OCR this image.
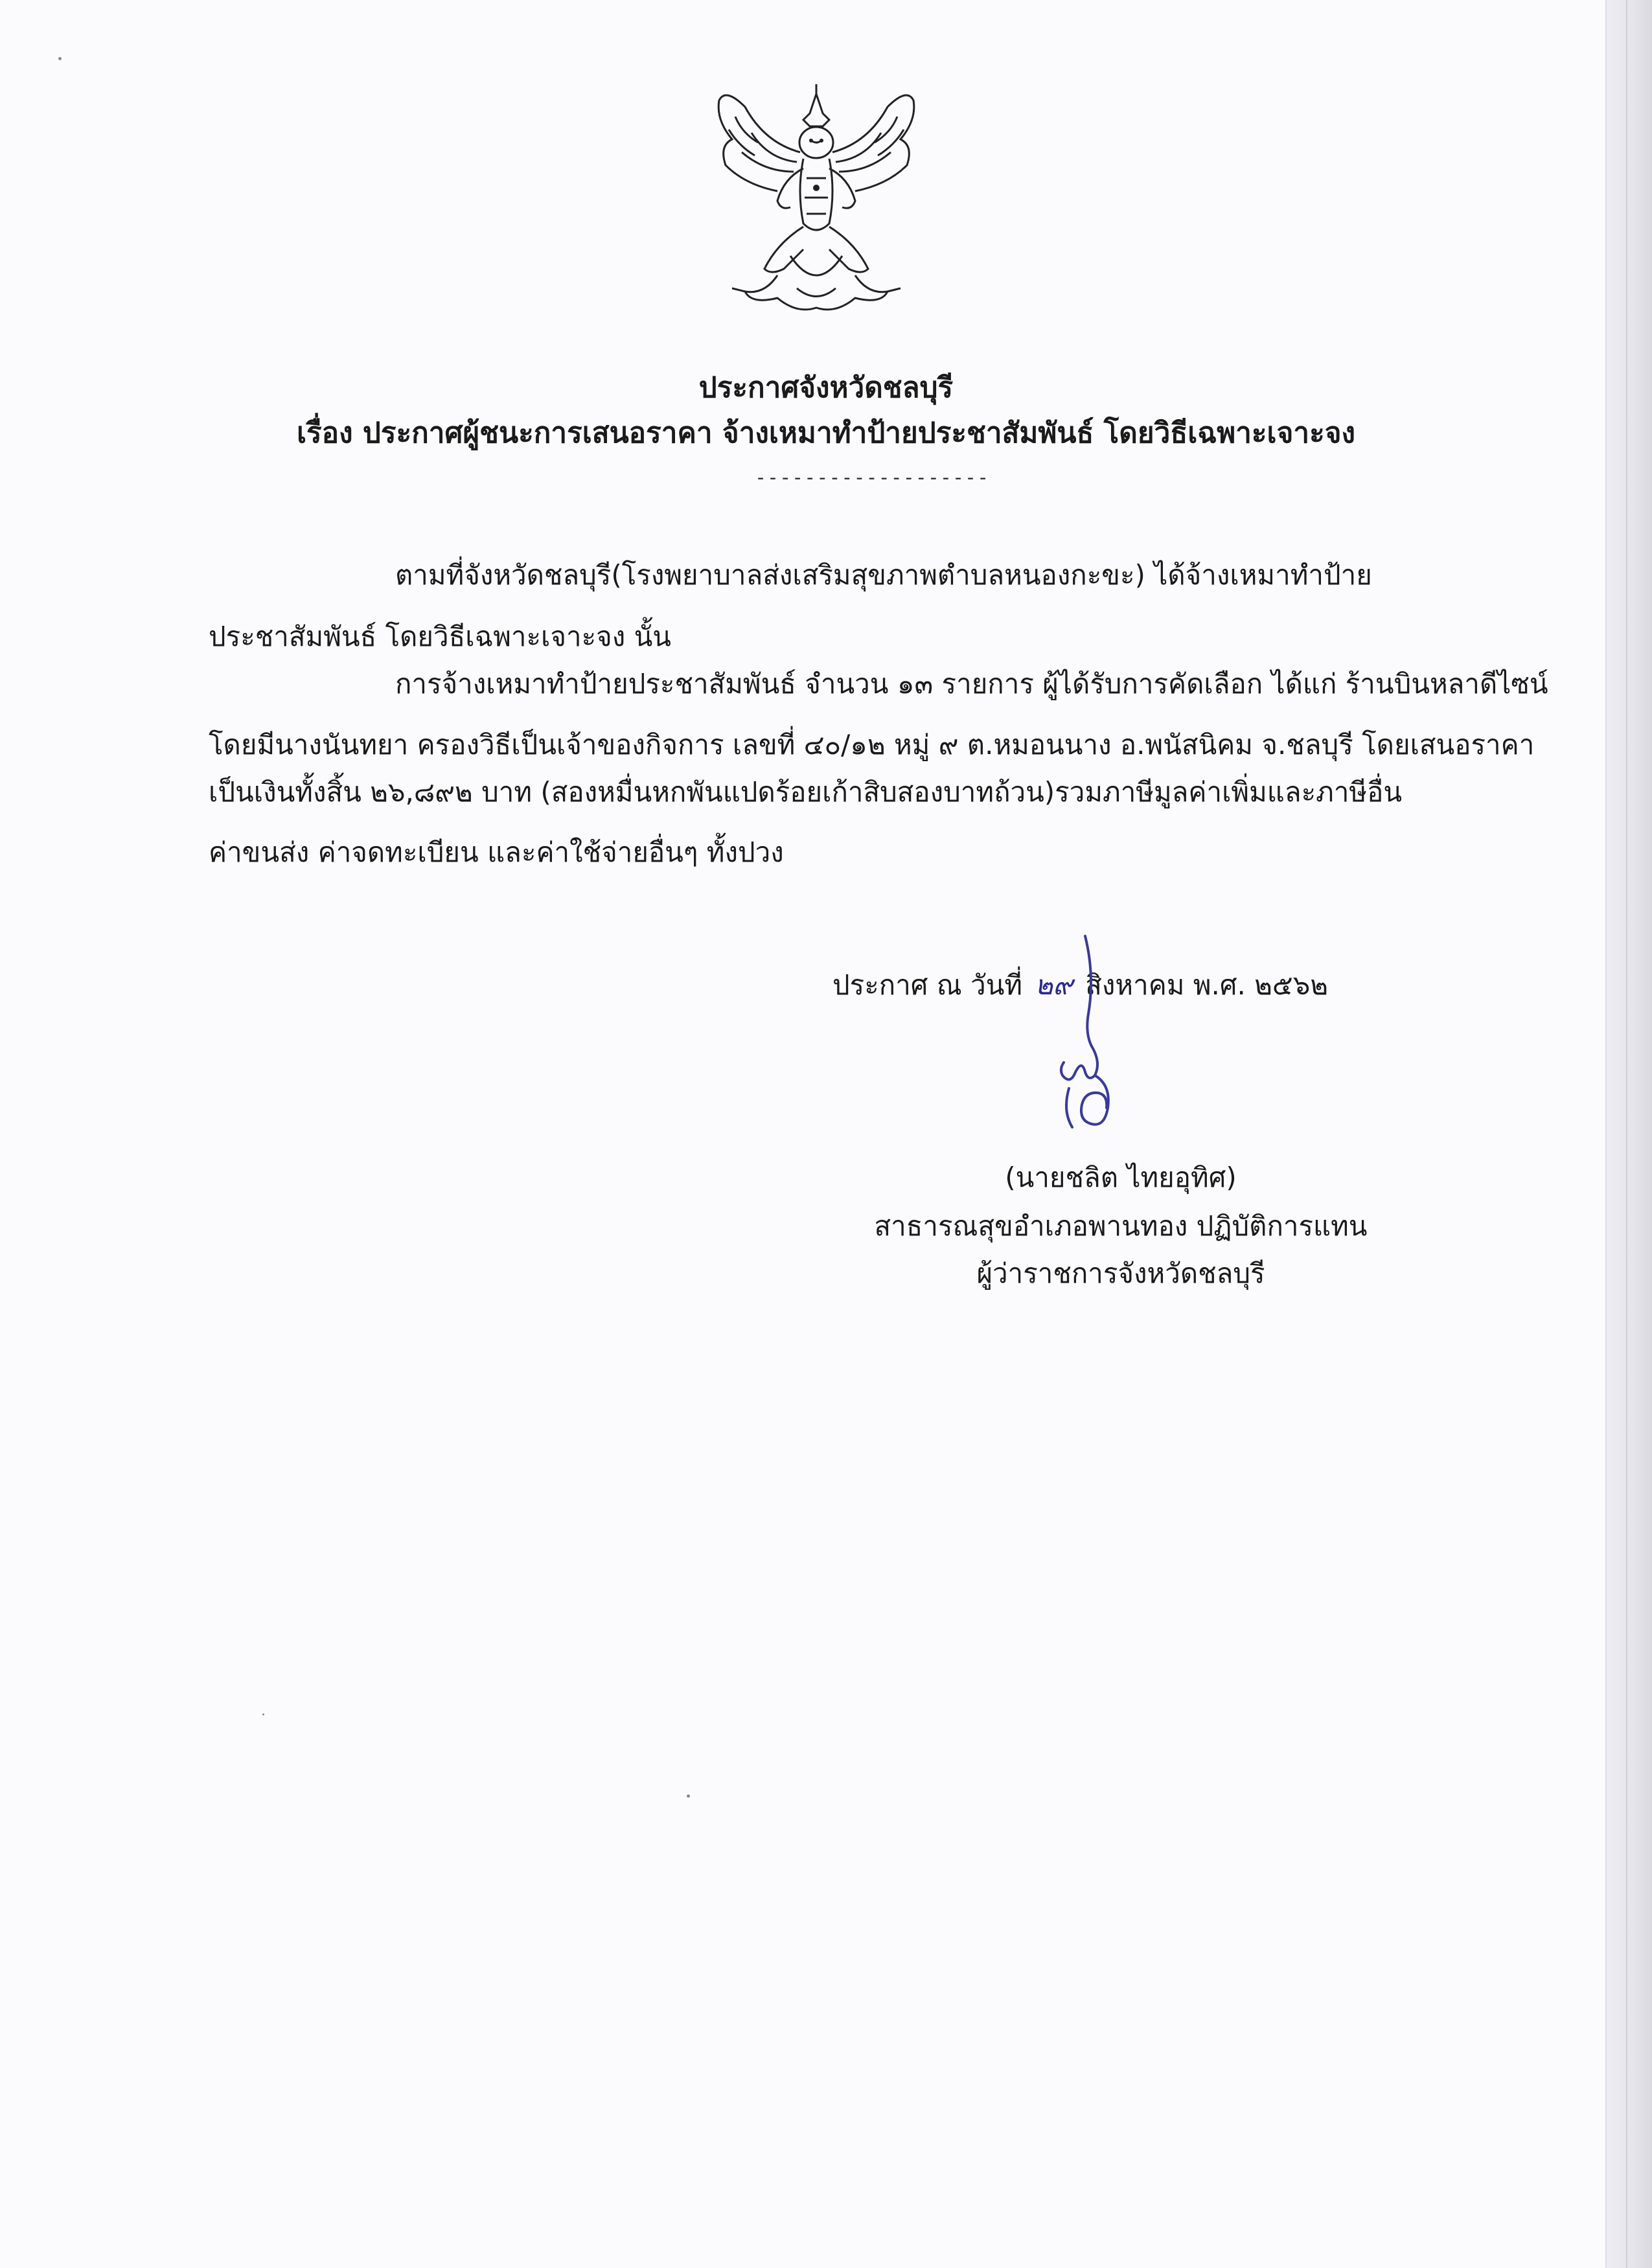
ประกาศจังหวัดชลบุรี
เรื่อง ประกาศผู้ชนะการเสนอราคา จ้างเหมาทำป้ายประชาสัมพันธ์ โดยวิธีเฉพาะเจาะจง
-------------------
ตามที่จังหวัดชลบุรี(โรงพยาบาลส่งเสริมสุขภาพตำบลหนองกะขะ) ได้จ้างเหมาทำป้าย
ประชาสัมพันธ์ โดยวิธีเฉพาะเจาะจง นั้น
การจ้างเหมาทำป้ายประชาสัมพันธ์ จำนวน ๑๓ รายการ ผู้ได้รับการคัดเลือก ได้แก่ ร้านบินหลาดีไซน์
โดยมีนางนันทยา ครองวิธีเป็นเจ้าของกิจการ เลขที่ ๔๐/๑๒ หมู่ ๙ ต.หมอนนาง อ.พนัสนิคม จ.ชลบุรี โดยเสนอราคา
เป็นเงินทั้งสิ้น ๒๖,๘๙๒ บาท (สองหมื่นหกพันแปดร้อยเก้าสิบสองบาทถ้วน)รวมภาษีมูลค่าเพิ่มและภาษีอื่น
ค่าขนส่ง ค่าจดทะเบียน และค่าใช้จ่ายอื่นๆ ทั้งปวง
ประกาศ ณ วันที่ ๒๙ สิงหาคม พ.ศ. ๒๕๖๒
(นายชลิต ไทยอุทิศ)
สาธารณสุขอำเภอพานทอง ปฏิบัติการแทน
ผู้ว่าราชการจังหวัดชลบุรี
